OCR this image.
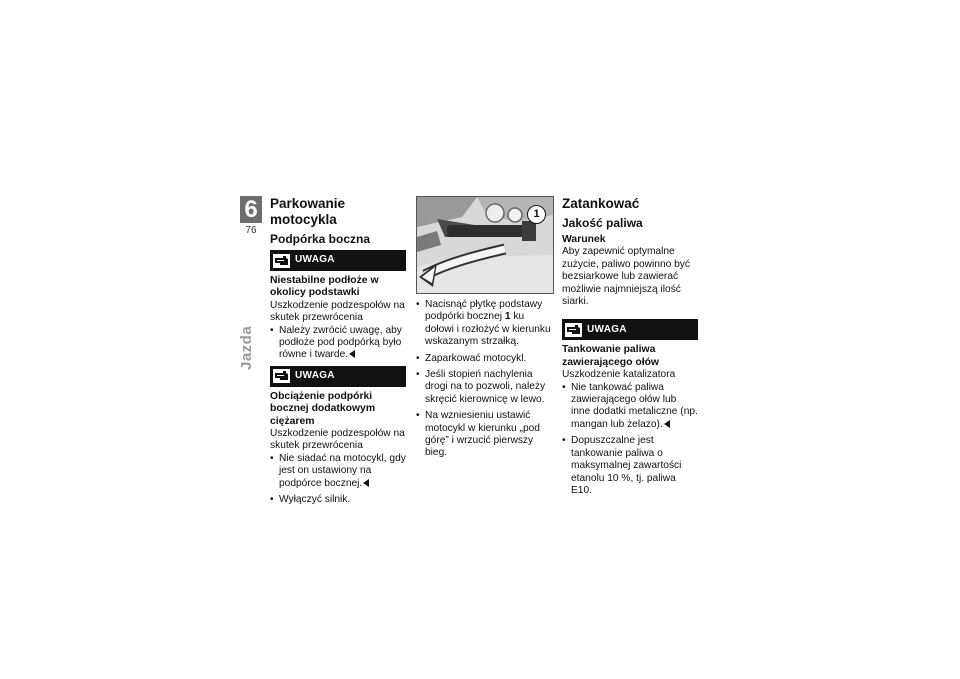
6
76
Jazda
Parkowanie motocykla
Podpórka boczna
UWAGA
Niestabilne podłoże w okolicy podstawki

Uszkodzenie podzespołów na skutek przewrócenia

• Należy zwrócić uwagę, aby podłoże pod podpórką było równe i twarde.
UWAGA
Obciążenie podpórki bocznej dodatkowym ciężarem

Uszkodzenie podzespołów na skutek przewrócenia

• Nie siadać na motocykl, gdy jest on ustawiony na podpórce bocznej.
• Wyłączyć silnik.
1
• Nacisnąć płytkę podstawy podpórki bocznej 1 ku dołowi i rozłożyć w kierunku wskazanym strzałką.
• Zaparkować motocykl.
• Jeśli stopień nachylenia drogi na to pozwoli, należy skręcić kierownicę w lewo.
• Na wzniesieniu ustawić motocykl w kierunku „pod górę” i wrzucić pierwszy bieg.
Zatankować
Jakość paliwa
Warunek

Aby zapewnić optymalne zużycie, paliwo powinno być bezsiarkowe lub zawierać możliwie najmniejszą ilość siarki.

UWAGA
Tankowanie paliwa zawierającego ołów

Uszkodzenie katalizatora

• Nie tankować paliwa zawierającego ołów lub inne dodatki metaliczne (np. mangan lub żelazo).
• Dopuszczalne jest tankowanie paliwa o maksymalnej zawartości etanolu 10 %, tj. paliwa E10.
